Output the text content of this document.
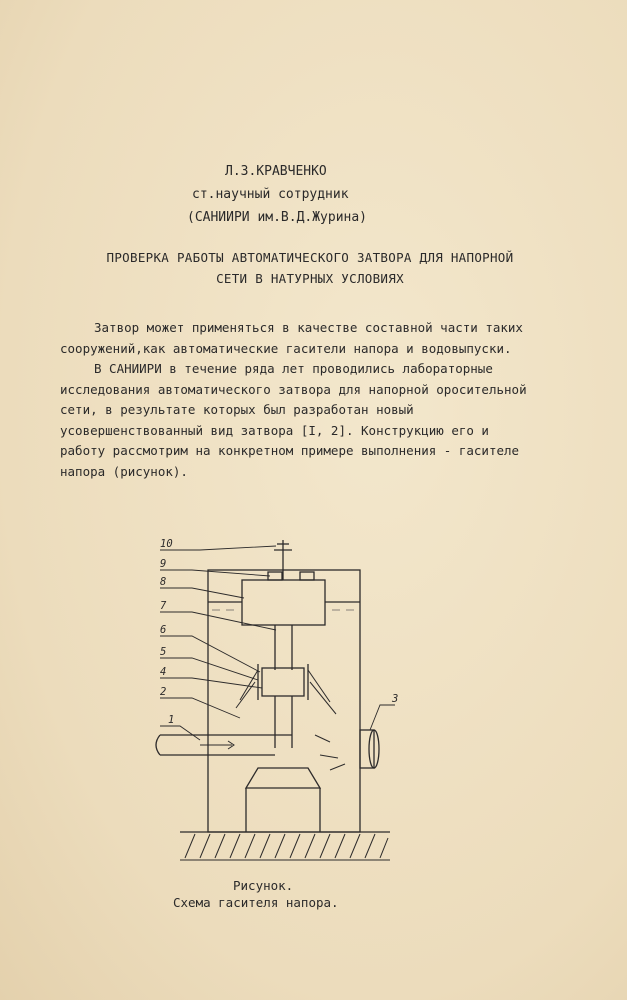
Л.З.КРАВЧЕНКО
ст.научный сотрудник
(САНИИРИ им.В.Д.Журина)
ПРОВЕРКА РАБОТЫ АВТОМАТИЧЕСКОГО ЗАТВОРА ДЛЯ НАПОРНОЙ
СЕТИ В НАТУРНЫХ УСЛОВИЯХ

Затвор может применяться в качестве составной части таких сооружений,как автоматические гасители напора и водовыпуски.

В САНИИРИ в течение ряда лет проводились лабораторные исследования автоматического затвора для напорной оросительной сети, в результате которых был разработан новый усовершенствованный вид затвора [I, 2]. Конструкцию его и работу рассмотрим на конкретном примере выполнения - гасителе напора (рисунок).

10
9
8
7
6
5
4
2
1
3
Рисунок.
Схема гасителя напора.
